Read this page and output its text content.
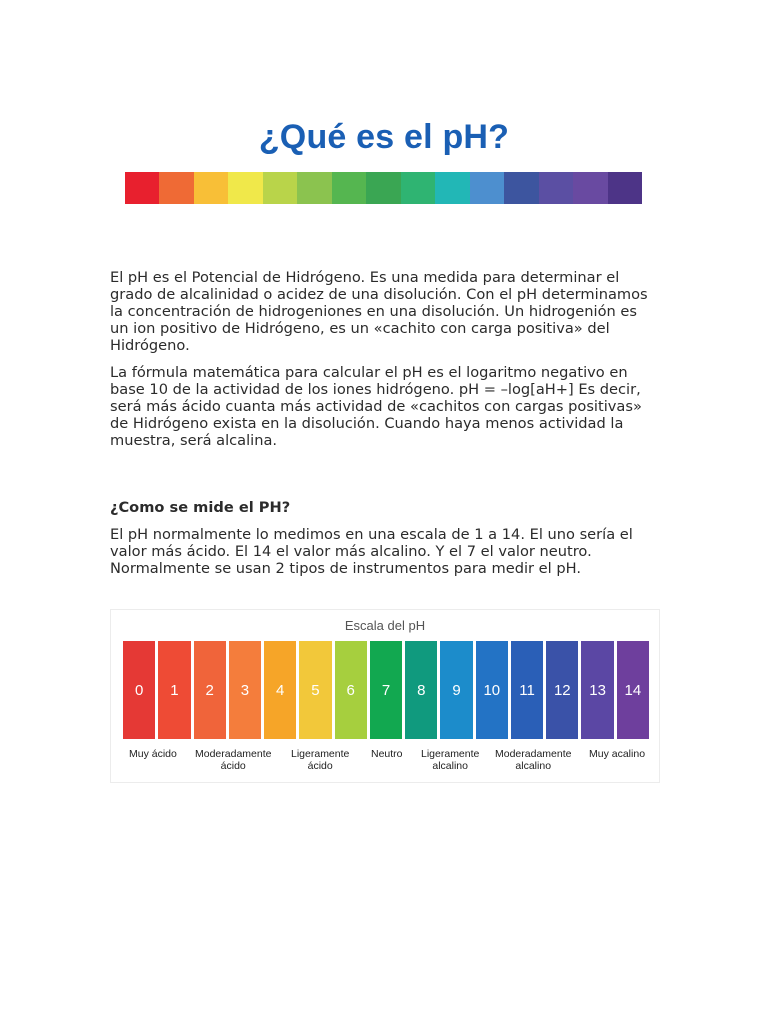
¿Qué es el pH?
El pH es el Potencial de Hidrógeno. Es una medida para determinar el grado de alcalinidad o acidez de una disolución. Con el pH determinamos la concentración de hidrogeniones en una disolución. Un hidrogenión es un ion positivo de Hidrógeno, es un «cachito con carga positiva» del Hidrógeno.
La fórmula matemática para calcular el pH es el logaritmo negativo en base 10 de la actividad de los iones hidrógeno. pH = –log[aH+] Es decir, será más ácido cuanta más actividad de «cachitos con cargas positivas» de Hidrógeno exista en la disolución. Cuando haya menos actividad la muestra, será alcalina.
¿Como se mide el PH?
El pH normalmente lo medimos en una escala de 1 a 14. El uno sería el valor más ácido. El 14 el valor más alcalino. Y el 7 el valor neutro. Normalmente se usan 2 tipos de instrumentos para medir el pH.
Escala del pH
0	1	2	3	4	5	6	7	8	9	10	11	12	13	14
Muy ácido Moderadamente
ácido
Ligeramente
ácido
Neutro Ligeramente
alcalino
Moderadamente
alcalino
Muy acalino
